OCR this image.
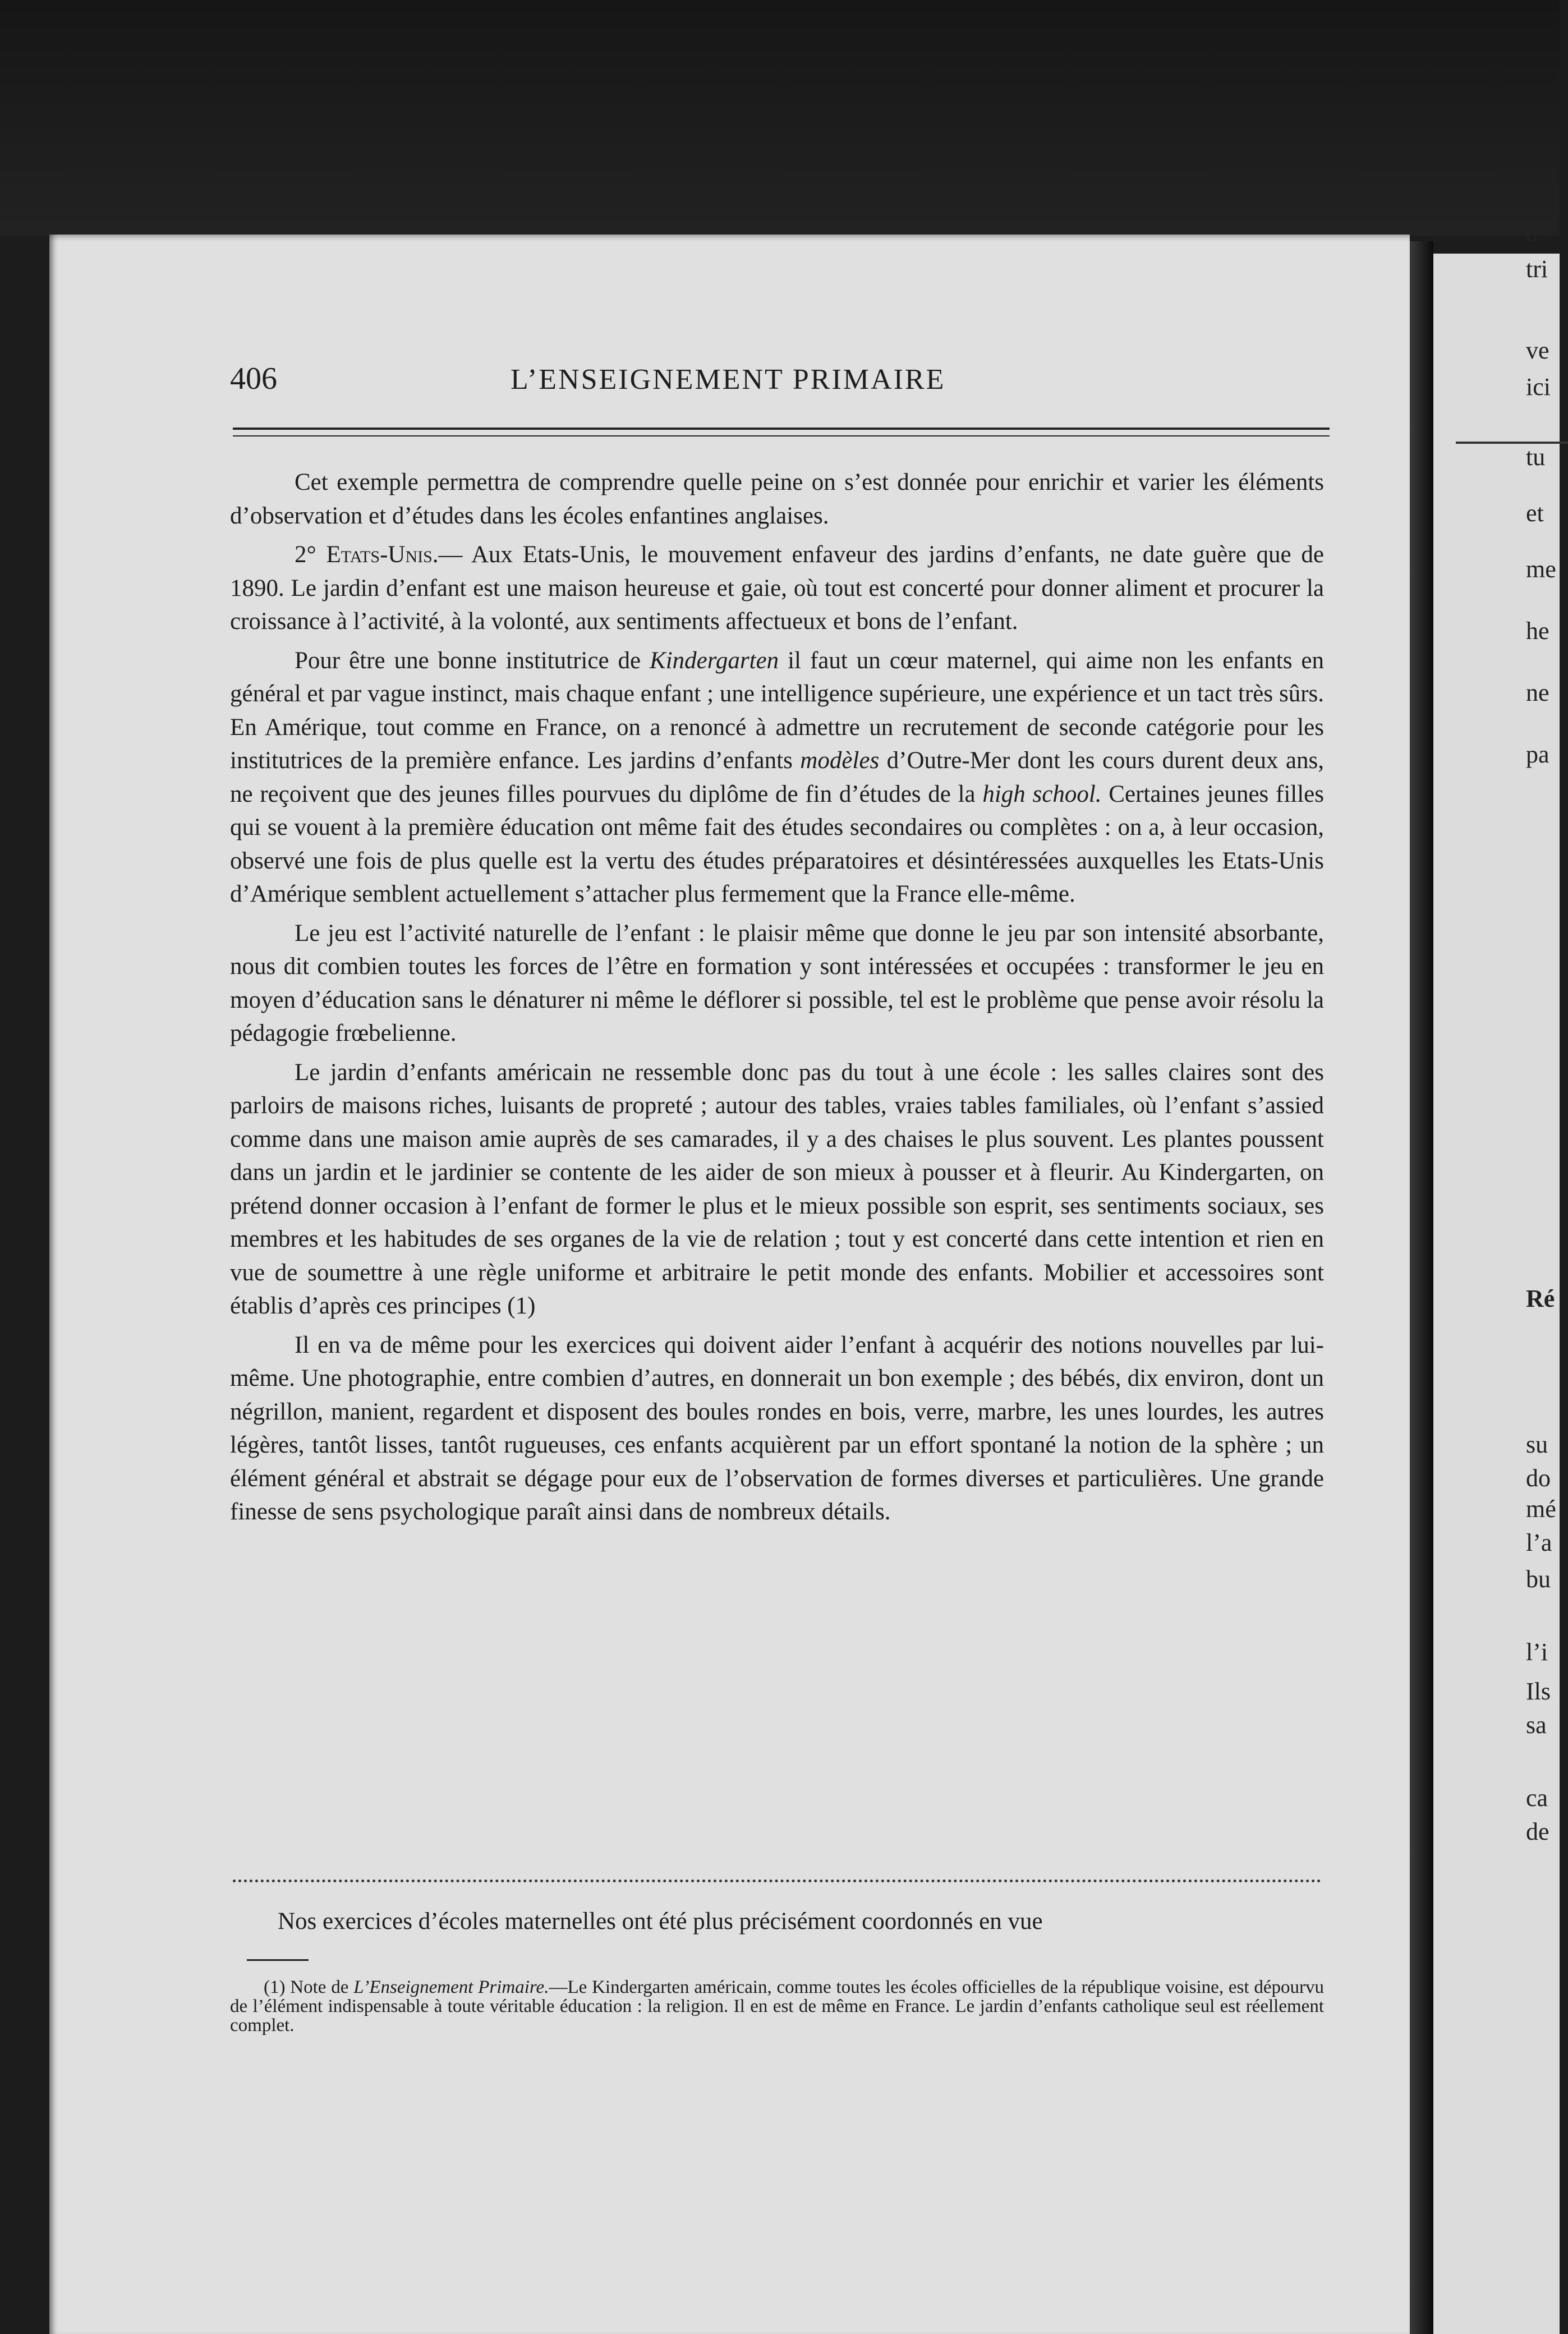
406	L’ENSEIGNEMENT PRIMAIRE

Cet exemple permettra de comprendre quelle peine on s’est donnée pour enrichir et varier les éléments d’observation et d’études dans les écoles enfantines anglaises.

2° Etats-Unis.— Aux Etats-Unis, le mouvement enfaveur des jardins d’enfants, ne date guère que de 1890. Le jardin d’enfant est une maison heureuse et gaie, où tout est concerté pour donner aliment et procurer la croissance à l’activité, à la volonté, aux sentiments affectueux et bons de l’enfant.

Pour être une bonne institutrice de Kindergarten il faut un cœur maternel, qui aime non les enfants en général et par vague instinct, mais chaque enfant ; une intelligence supérieure, une expérience et un tact très sûrs. En Amérique, tout comme en France, on a renoncé à admettre un recrutement de seconde catégorie pour les institutrices de la première enfance. Les jardins d’enfants modèles d’Outre-Mer dont les cours durent deux ans, ne reçoivent que des jeunes filles pourvues du diplôme de fin d’études de la high school. Certaines jeunes filles qui se vouent à la première éducation ont même fait des études secondaires ou complètes : on a, à leur occasion, observé une fois de plus quelle est la vertu des études préparatoires et désintéressées auxquelles les Etats-Unis d’Amérique semblent actuellement s’attacher plus fermement que la France elle-même.

Le jeu est l’activité naturelle de l’enfant : le plaisir même que donne le jeu par son intensité absorbante, nous dit combien toutes les forces de l’être en formation y sont intéressées et occupées : transformer le jeu en moyen d’éducation sans le dénaturer ni même le déflorer si possible, tel est le problème que pense avoir résolu la pédagogie frœbelienne.

Le jardin d’enfants américain ne ressemble donc pas du tout à une école : les salles claires sont des parloirs de maisons riches, luisants de propreté ; autour des tables, vraies tables familiales, où l’enfant s’assied comme dans une maison amie auprès de ses camarades, il y a des chaises le plus souvent. Les plantes poussent dans un jardin et le jardinier se contente de les aider de son mieux à pousser et à fleurir. Au Kindergarten, on prétend donner occasion à l’enfant de former le plus et le mieux possible son esprit, ses sentiments sociaux, ses membres et les habitudes de ses organes de la vie de relation ; tout y est concerté dans cette intention et rien en vue de soumettre à une règle uniforme et arbitraire le petit monde des enfants. Mobilier et accessoires sont établis d’après ces principes (1)

Il en va de même pour les exercices qui doivent aider l’enfant à acquérir des notions nouvelles par lui-même. Une photographie, entre combien d’autres, en donnerait un bon exemple ; des bébés, dix environ, dont un négrillon, manient, regardent et disposent des boules rondes en bois, verre, marbre, les unes lourdes, les autres légères, tantôt lisses, tantôt rugueuses, ces enfants acquièrent par un effort spontané la notion de la sphère ; un élément général et abstrait se dégage pour eux de l’observation de formes diverses et particulières. Une grande finesse de sens psychologique paraît ainsi dans de nombreux détails.

Nos exercices d’écoles maternelles ont été plus précisément coordonnés en vue

(1) Note de L’Enseignement Primaire.—Le Kindergarten américain, comme toutes les écoles officielles de la république voisine, est dépourvu de l’élément indispensable à toute véritable éducation : la religion. Il en est de même en France. Le jardin d’enfants catholique seul est réellement complet.

d’
tri
ve
ici
tu
et
me
he
ne
pa
Ré
su
do
mé
l’a
bu
l’i
Ils
sa
ca
de
